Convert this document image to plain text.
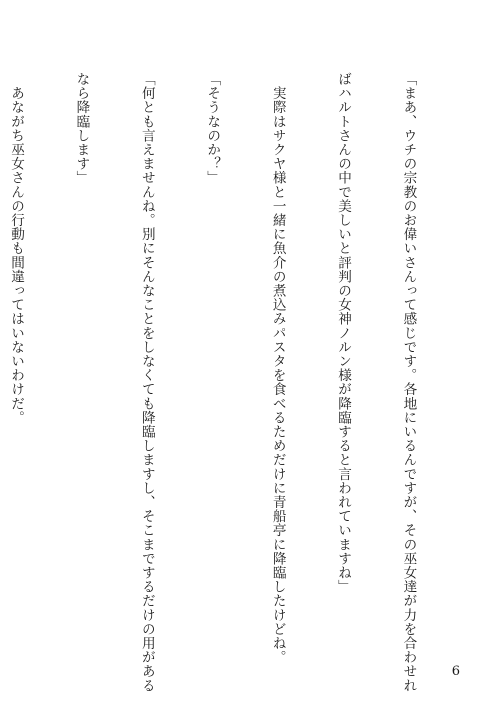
「まあ、ウチの宗教のお偉いさんって感じです。各地にいるんですが、その巫女達が力を合わせれ

ばハルトさんの中で美しいと評判の女神ノルン様が降臨すると言われていますね」

　実際はサクヤ様と一緒に魚介の煮込みパスタを食べるためだけに青船亭に降臨したけどね。

「そうなのか？」

「何とも言えませんね。別にそんなことをしなくても降臨しますし、そこまでするだけの用がある

なら降臨します」

　あながち巫女さんの行動も間違ってはいないわけだ。

6
